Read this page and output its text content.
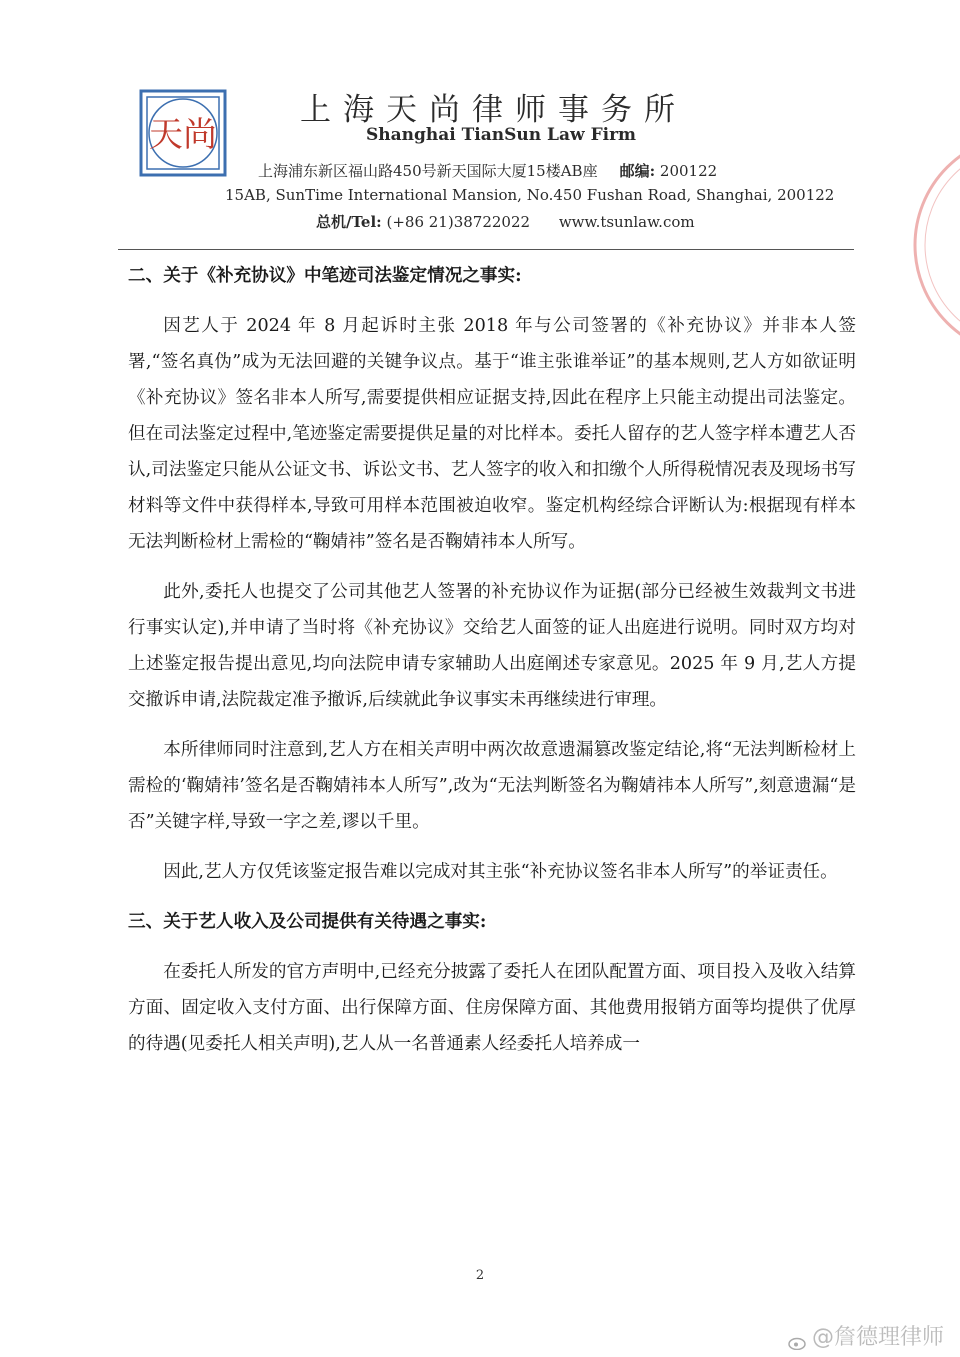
天尚
上海天尚律师事务所
Shanghai TianSun Law Firm
上海浦东新区福山路450号新天国际大厦15楼AB座 邮编: 200122
15AB, SunTime International Mansion, No.450 Fushan Road, Shanghai, 200122
总机/Tel: (+86 21)38722022 www.tsunlaw.com
二、关于《补充协议》中笔迹司法鉴定情况之事实:

因艺人于 2024 年 8 月起诉时主张 2018 年与公司签署的《补充协议》并非本人签署,“签名真伪”成为无法回避的关键争议点。基于“谁主张谁举证”的基本规则,艺人方如欲证明《补充协议》签名非本人所写,需要提供相应证据支持,因此在程序上只能主动提出司法鉴定。但在司法鉴定过程中,笔迹鉴定需要提供足量的对比样本。委托人留存的艺人签字样本遭艺人否认,司法鉴定只能从公证文书、诉讼文书、艺人签字的收入和扣缴个人所得税情况表及现场书写材料等文件中获得样本,导致可用样本范围被迫收窄。鉴定机构经综合评断认为:根据现有样本无法判断检材上需检的“鞠婧祎”签名是否鞠婧祎本人所写。

此外,委托人也提交了公司其他艺人签署的补充协议作为证据(部分已经被生效裁判文书进行事实认定),并申请了当时将《补充协议》交给艺人面签的证人出庭进行说明。同时双方均对上述鉴定报告提出意见,均向法院申请专家辅助人出庭阐述专家意见。2025 年 9 月,艺人方提交撤诉申请,法院裁定准予撤诉,后续就此争议事实未再继续进行审理。

本所律师同时注意到,艺人方在相关声明中两次故意遗漏篡改鉴定结论,将“无法判断检材上需检的‘鞠婧祎’签名是否鞠婧祎本人所写”,改为“无法判断签名为鞠婧祎本人所写”,刻意遗漏“是否”关键字样,导致一字之差,谬以千里。

因此,艺人方仅凭该鉴定报告难以完成对其主张“补充协议签名非本人所写”的举证责任。

三、关于艺人收入及公司提供有关待遇之事实:

在委托人所发的官方声明中,已经充分披露了委托人在团队配置方面、项目投入及收入结算方面、固定收入支付方面、出行保障方面、住房保障方面、其他费用报销方面等均提供了优厚的待遇(见委托人相关声明),艺人从一名普通素人经委托人培养成一

2
@詹德理律师
